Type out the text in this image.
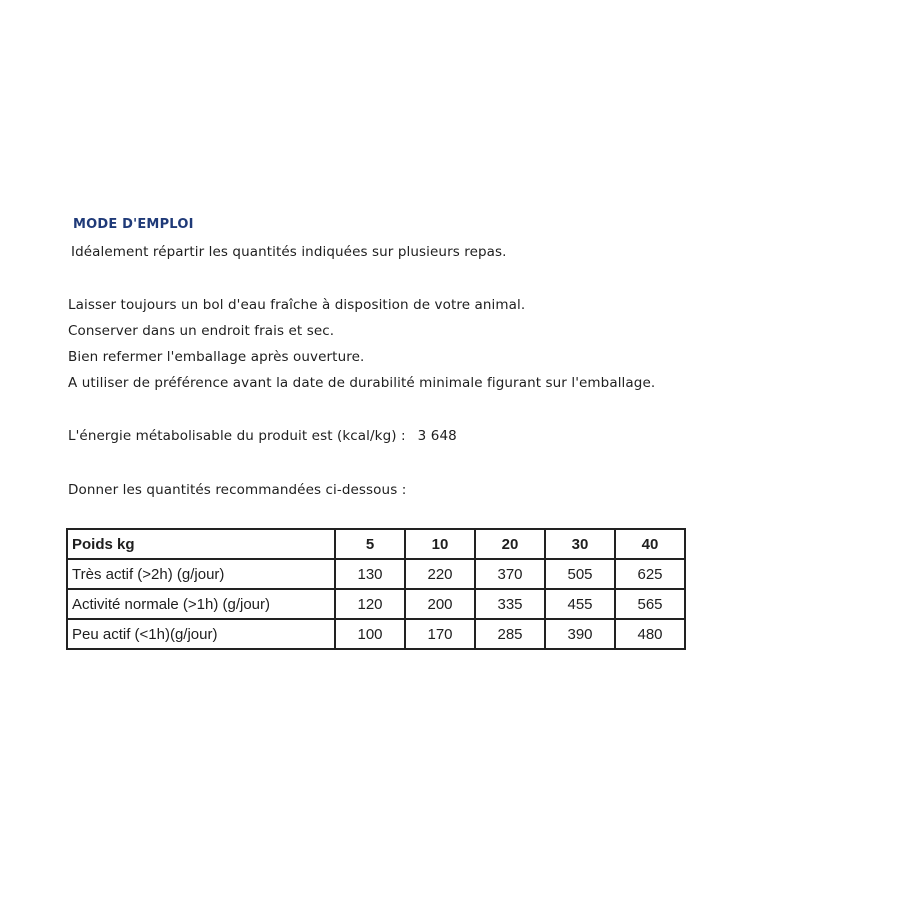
MODE D'EMPLOI
Idéalement répartir les quantités indiquées sur plusieurs repas.
Laisser toujours un bol d'eau fraîche à disposition de votre animal.
Conserver dans un endroit frais et sec.
Bien refermer l'emballage après ouverture.
A utiliser de préférence avant la date de durabilité minimale figurant sur l'emballage.
L'énergie métabolisable du produit est (kcal/kg) : 3 648
Donner les quantités recommandées ci-dessous :
Poids kg	5	10	20	30	40
Très actif (>2h) (g/jour)	130	220	370	505	625
Activité normale (>1h) (g/jour)	120	200	335	455	565
Peu actif (<1h)(g/jour)	100	170	285	390	480
